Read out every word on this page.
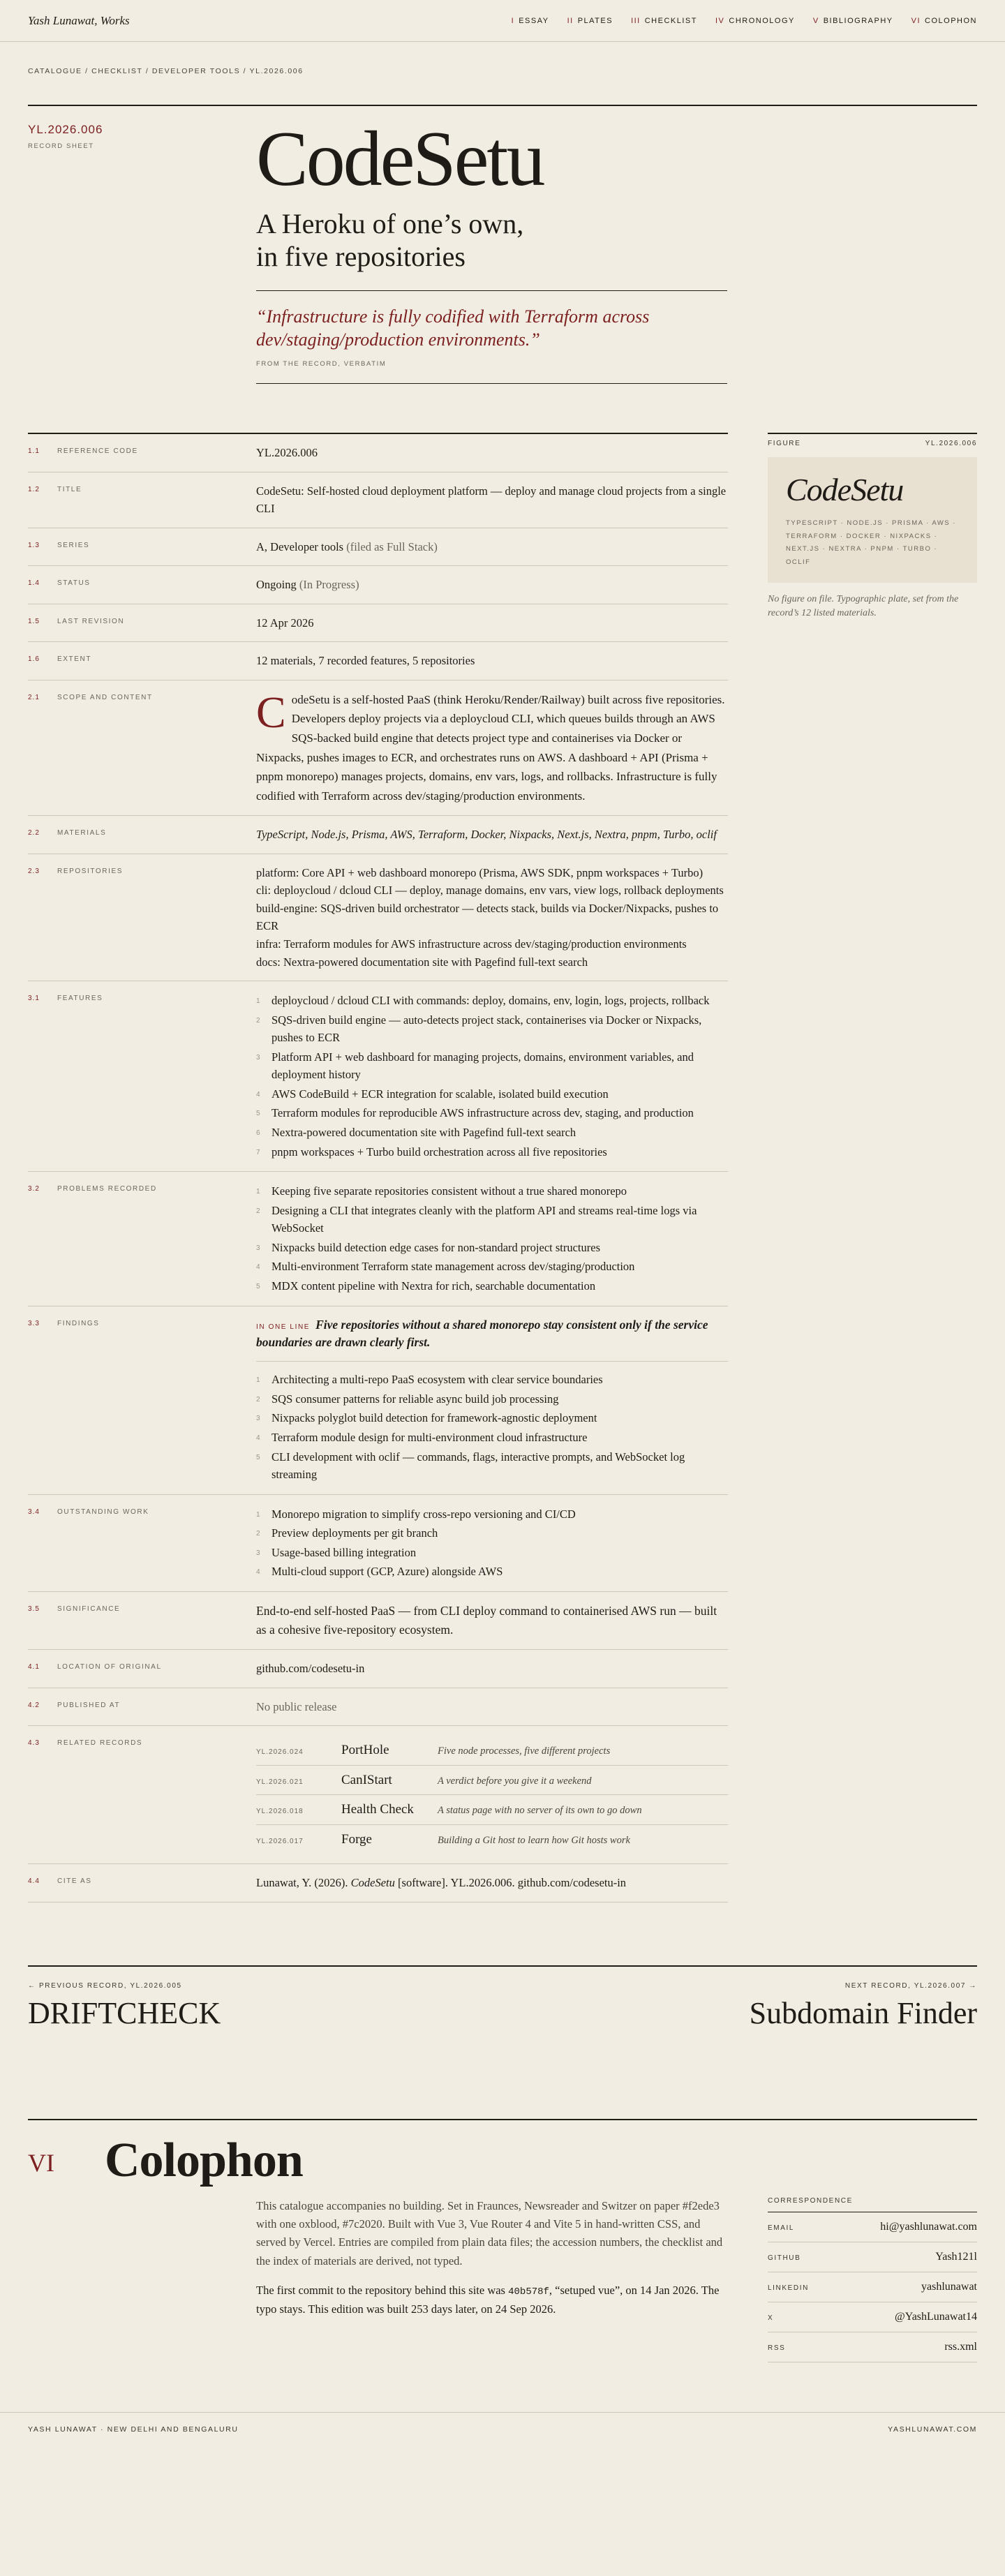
Yash Lunawat, Works	I ESSAY II PLATES III CHECKLIST IV CHRONOLOGY V BIBLIOGRAPHY VI COLOPHON
CATALOGUE / CHECKLIST / DEVELOPER TOOLS / YL.2026.006
YL.2026.006
RECORD SHEET CodeSetu
A Heroku of one’s own,
in five repositories
“Infrastructure is fully codified with Terraform across dev/staging/production environments.”
FROM THE RECORD, VERBATIM
1.1	REFERENCE CODE	YL.2026.006
1.2	TITLE	CodeSetu: Self-hosted cloud deployment platform — deploy and manage cloud projects from a single CLI
1.3	SERIES	A, Developer tools (filed as Full Stack)
1.4	STATUS	Ongoing (In Progress)
1.5	LAST REVISION	12 Apr 2026
1.6	EXTENT	12 materials, 7 recorded features, 5 repositories
2.1	SCOPE AND CONTENT	CodeSetu is a self-hosted PaaS (think Heroku/Render/Railway) built across five repositories. Developers deploy projects via a deploycloud CLI, which queues builds through an AWS SQS-backed build engine that detects project type and containerises via Docker or Nixpacks, pushes images to ECR, and orchestrates runs on AWS. A dashboard + API (Prisma + pnpm monorepo) manages projects, domains, env vars, logs, and rollbacks. Infrastructure is fully codified with Terraform across dev/staging/production environments.
2.2	MATERIALS	TypeScript, Node.js, Prisma, AWS, Terraform, Docker, Nixpacks, Next.js, Nextra, pnpm, Turbo, oclif
2.3	REPOSITORIES	platform: Core API + web dashboard monorepo (Prisma, AWS SDK, pnpm workspaces + Turbo)
cli: deploycloud / dcloud CLI — deploy, manage domains, env vars, view logs, rollback deployments
build-engine: SQS-driven build orchestrator — detects stack, builds via Docker/Nixpacks, pushes to ECR
infra: Terraform modules for AWS infrastructure across dev/staging/production environments
docs: Nextra-powered documentation site with Pagefind full-text search
3.1	FEATURES	1 deploycloud / dcloud CLI with commands: deploy, domains, env, login, logs, projects, rollback
2 SQS-driven build engine — auto-detects project stack, containerises via Docker or Nixpacks, pushes to ECR
3 Platform API + web dashboard for managing projects, domains, environment variables, and deployment history
4 AWS CodeBuild + ECR integration for scalable, isolated build execution
5 Terraform modules for reproducible AWS infrastructure across dev, staging, and production
6 Nextra-powered documentation site with Pagefind full-text search
7 pnpm workspaces + Turbo build orchestration across all five repositories
3.2	PROBLEMS RECORDED	1 Keeping five separate repositories consistent without a true shared monorepo
2 Designing a CLI that integrates cleanly with the platform API and streams real-time logs via WebSocket
3 Nixpacks build detection edge cases for non-standard project structures
4 Multi-environment Terraform state management across dev/staging/production
5 MDX content pipeline with Nextra for rich, searchable documentation
3.3	FINDINGS	IN ONE LINE Five repositories without a shared monorepo stay consistent only if the service boundaries are drawn clearly first.
1 Architecting a multi-repo PaaS ecosystem with clear service boundaries
2 SQS consumer patterns for reliable async build job processing
3 Nixpacks polyglot build detection for framework-agnostic deployment
4 Terraform module design for multi-environment cloud infrastructure
5 CLI development with oclif — commands, flags, interactive prompts, and WebSocket log streaming
3.4	OUTSTANDING WORK	1 Monorepo migration to simplify cross-repo versioning and CI/CD
2 Preview deployments per git branch
3 Usage-based billing integration
4 Multi-cloud support (GCP, Azure) alongside AWS
3.5	SIGNIFICANCE	End-to-end self-hosted PaaS — from CLI deploy command to containerised AWS run — built as a cohesive five-repository ecosystem.
4.1	LOCATION OF ORIGINAL	github.com/codesetu-in
4.2	PUBLISHED AT	No public release
4.3	RELATED RECORDS
YL.2026.024	PortHole	Five node processes, five different projects
YL.2026.021	CanIStart	A verdict before you give it a weekend
YL.2026.018	Health Check	A status page with no server of its own to go down
YL.2026.017	Forge	Building a Git host to learn how Git hosts work
4.4	CITE AS	Lunawat, Y. (2026). CodeSetu [software]. YL.2026.006. github.com/codesetu-in
FIGURE	YL.2026.006
CodeSetu
TYPESCRIPT · NODE.JS · PRISMA · AWS · TERRAFORM · DOCKER · NIXPACKS · NEXT.JS · NEXTRA · PNPM · TURBO · OCLIF
No figure on file. Typographic plate, set from the record’s 12 listed materials.
← PREVIOUS RECORD, YL.2026.005
DRIFTCHECK
NEXT RECORD, YL.2026.007 →
Subdomain Finder
VI Colophon

This catalogue accompanies no building. Set in Fraunces, Newsreader and Switzer on paper #f2ede3 with one oxblood, #7c2020. Built with Vue 3, Vue Router 4 and Vite 5 in hand-written CSS, and served by Vercel. Entries are compiled from plain data files; the accession numbers, the checklist and the index of materials are derived, not typed.

The first commit to the repository behind this site was 40b578f, “setuped vue”, on 14 Jan 2026. The typo stays. This edition was built 253 days later, on 24 Sep 2026.

CORRESPONDENCE
EMAIL	hi@yashlunawat.com
GITHUB	Yash121l
LINKEDIN	yashlunawat
X	@YashLunawat14
RSS	rss.xml
YASH LUNAWAT · NEW DELHI AND BENGALURU	YASHLUNAWAT.COM
